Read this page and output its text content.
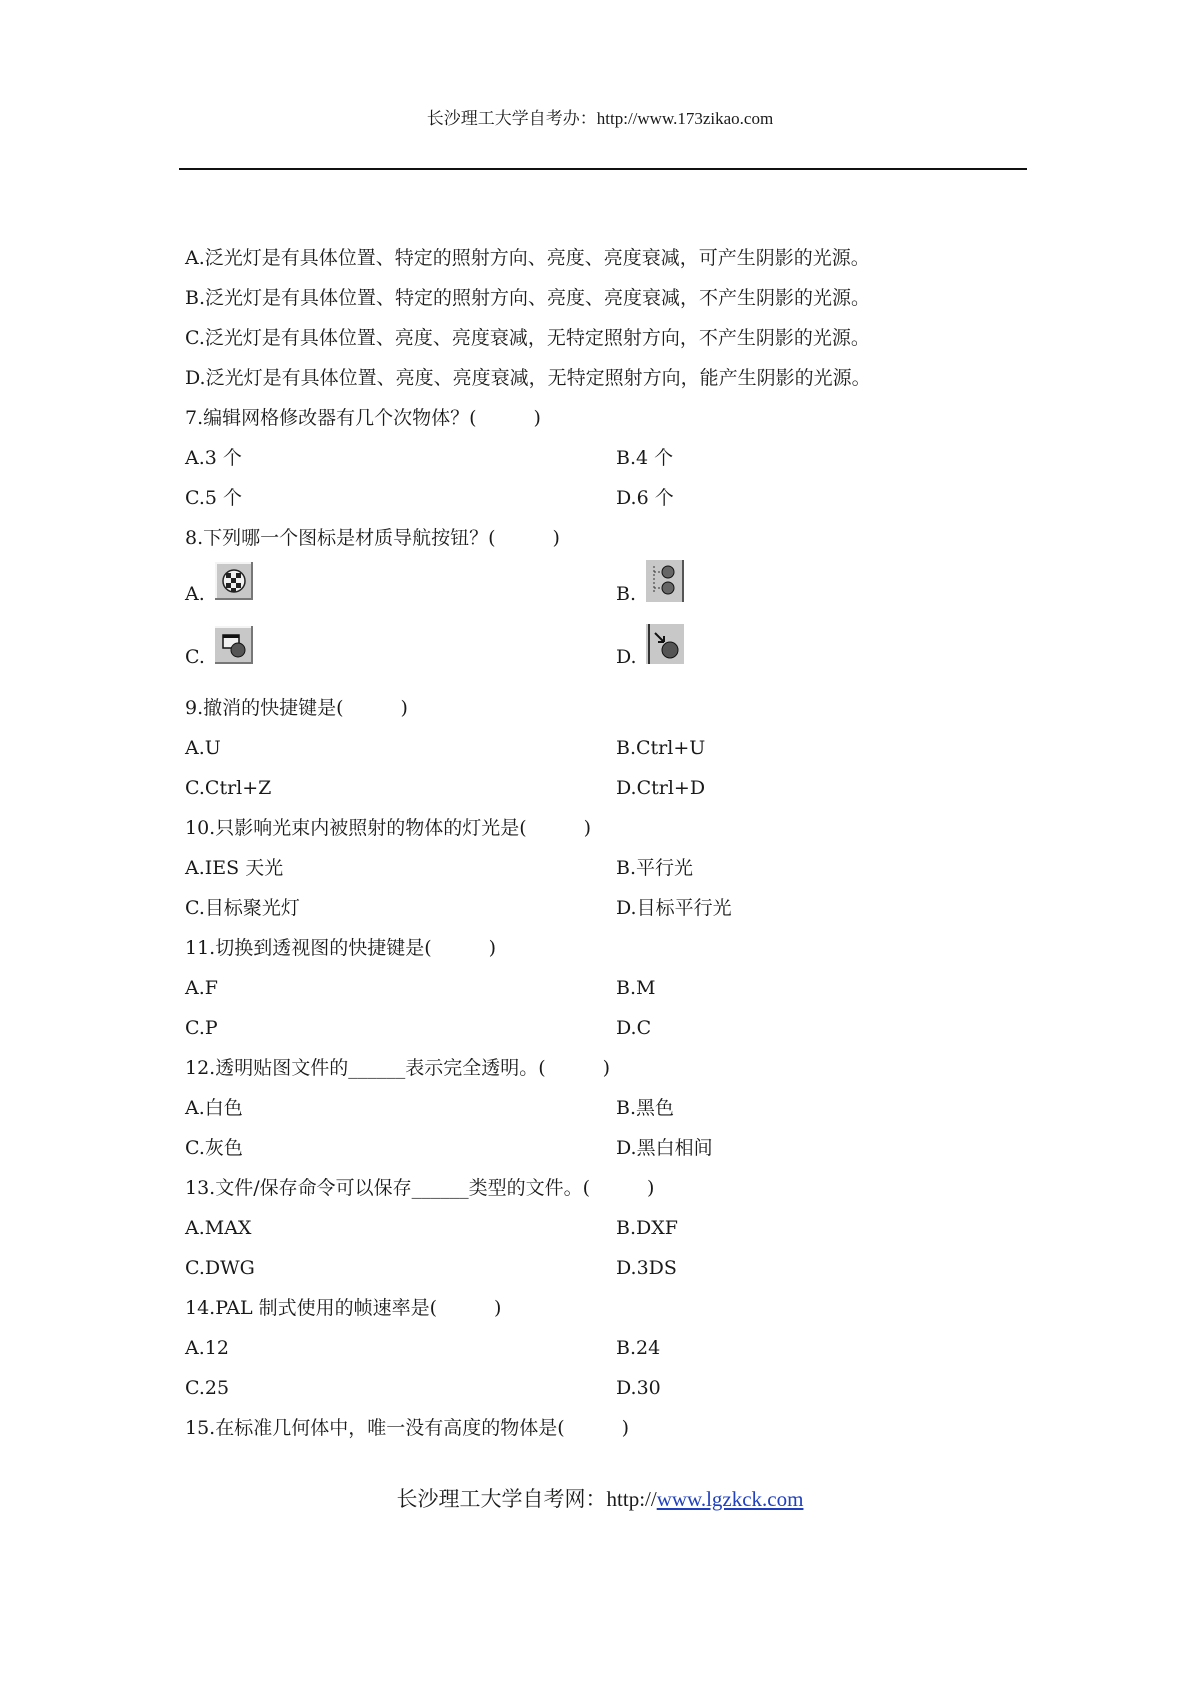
长沙理工大学自考办：http://www.173zikao.com
A.泛光灯是有具体位置、特定的照射方向、亮度、亮度衰减，可产生阴影的光源。
B.泛光灯是有具体位置、特定的照射方向、亮度、亮度衰减，不产生阴影的光源。
C.泛光灯是有具体位置、亮度、亮度衰减，无特定照射方向，不产生阴影的光源。
D.泛光灯是有具体位置、亮度、亮度衰减，无特定照射方向，能产生阴影的光源。
7.编辑网格修改器有几个次物体？(　　　)
A.3 个	B.4 个
C.5 个	D.6 个
8.下列哪一个图标是材质导航按钮？(　　　)
A.	B.
C.	D.
9.撤消的快捷键是(　　　)
A.U	B.Ctrl+U
C.Ctrl+Z	D.Ctrl+D
10.只影响光束内被照射的物体的灯光是(　　　)
A.IES 天光	B.平行光
C.目标聚光灯	D.目标平行光
11.切换到透视图的快捷键是(　　　)
A.F	B.M
C.P	D.C
12.透明贴图文件的______表示完全透明。(　　　)
A.白色	B.黑色
C.灰色	D.黑白相间
13.文件/保存命令可以保存______类型的文件。(　　　)
A.MAX	B.DXF
C.DWG	D.3DS
14.PAL 制式使用的帧速率是(　　　)
A.12	B.24
C.25	D.30
15.在标准几何体中，唯一没有高度的物体是(　　　)
长沙理工大学自考网：http://www.lgzkck.com
